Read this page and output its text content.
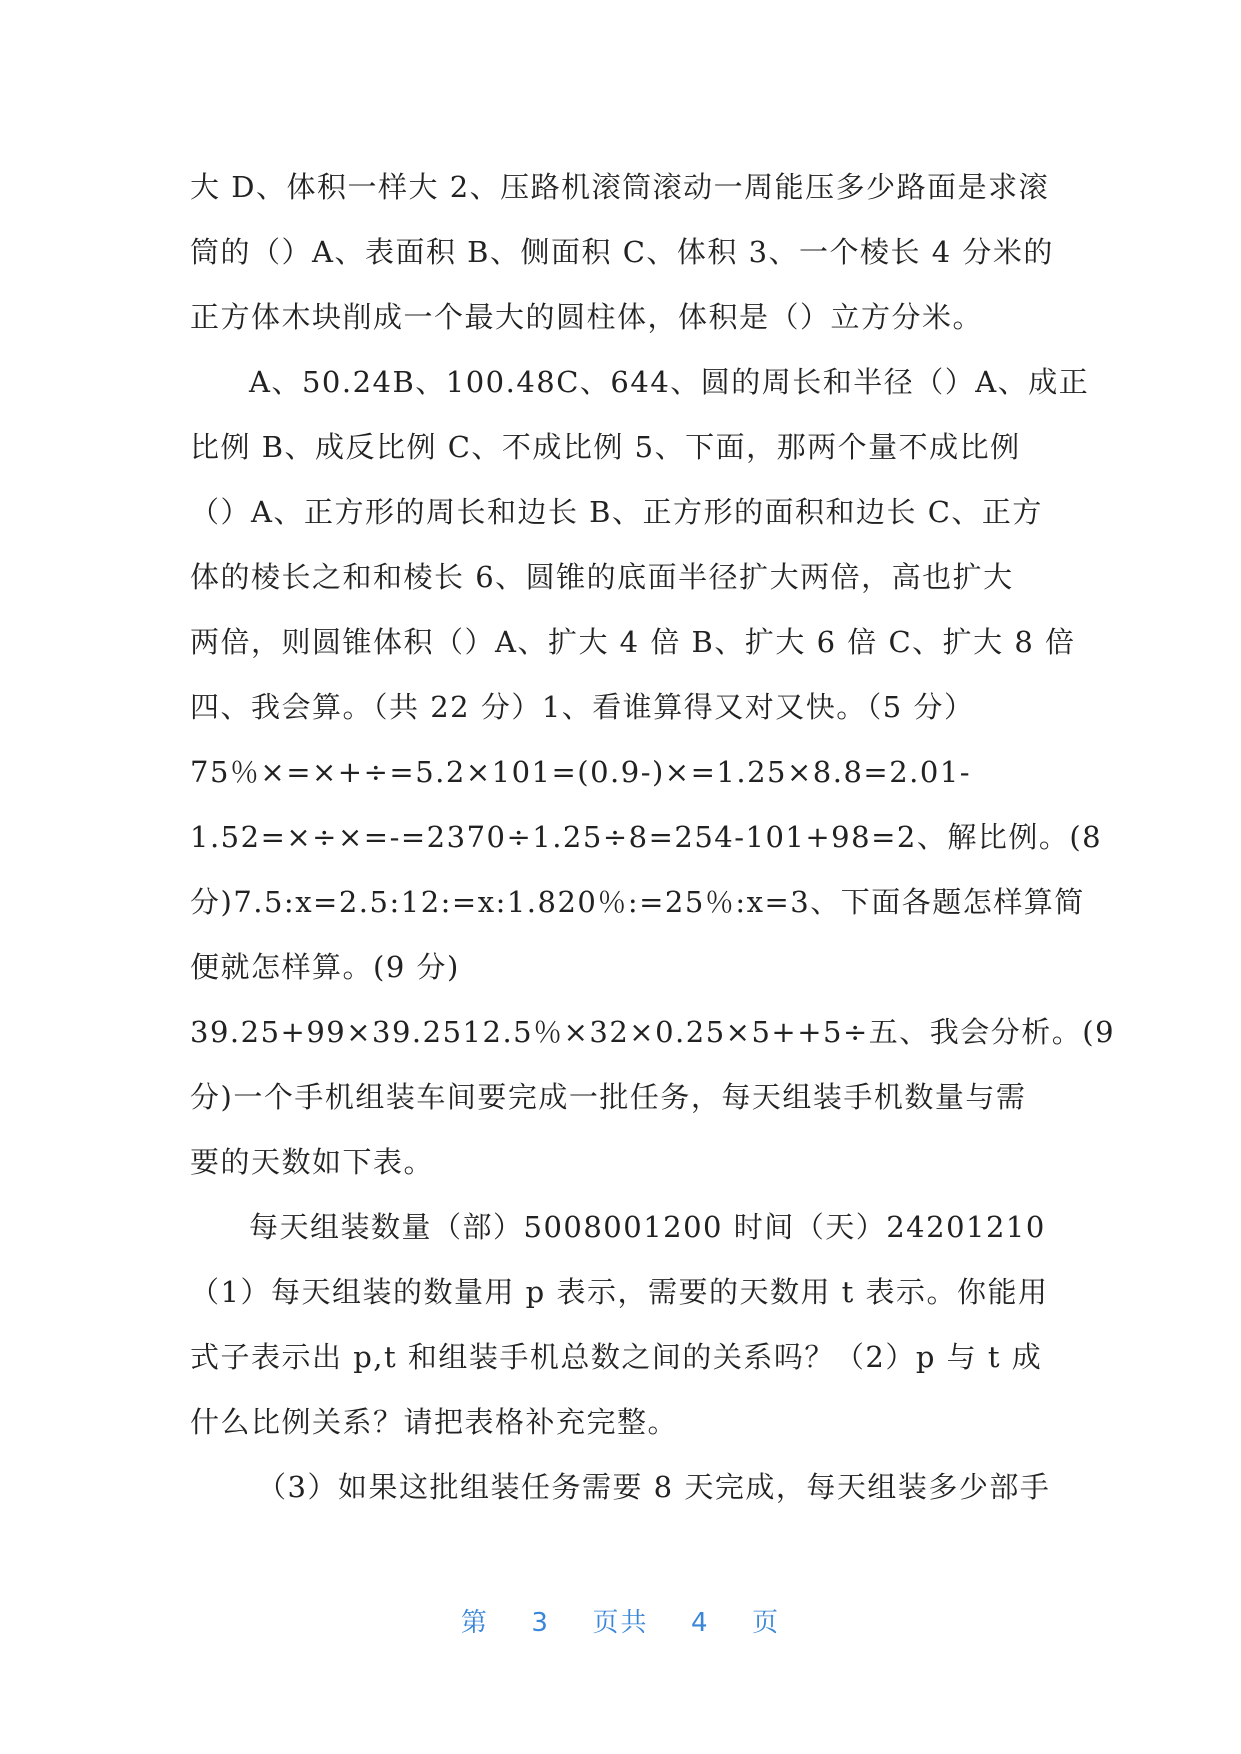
大 D、体积一样大 2、压路机滚筒滚动一周能压多少路面是求滚
筒的（）A、表面积 B、侧面积 C、体积 3、一个棱长 4 分米的
正方体木块削成一个最大的圆柱体，体积是（）立方分米。
A、50.24B、100.48C、644、圆的周长和半径（）A、成正
比例 B、成反比例 C、不成比例 5、下面，那两个量不成比例
（）A、正方形的周长和边长 B、正方形的面积和边长 C、正方
体的棱长之和和棱长 6、圆锥的底面半径扩大两倍，高也扩大
两倍，则圆锥体积（）A、扩大 4 倍 B、扩大 6 倍 C、扩大 8 倍
四、我会算。（共 22 分）1、看谁算得又对又快。（5 分）
75％×=×+÷=5.2×101=(0.9-)×=1.25×8.8=2.01-
1.52=×÷×=-=2370÷1.25÷8=254-101+98=2、解比例。(8
分)7.5:x=2.5:12:=x:1.820％:=25％:x=3、下面各题怎样算简
便就怎样算。(9 分)
39.25+99×39.2512.5％×32×0.25×5++5÷五、我会分析。(9
分)一个手机组装车间要完成一批任务，每天组装手机数量与需
要的天数如下表。
每天组装数量（部）5008001200 时间（天）24201210
（1）每天组装的数量用 p 表示，需要的天数用 t 表示。你能用
式子表示出 p,t 和组装手机总数之间的关系吗？（2）p 与 t 成
什么比例关系？请把表格补充完整。
（3）如果这批组装任务需要 8 天完成，每天组装多少部手
第 3 页共 4 页
